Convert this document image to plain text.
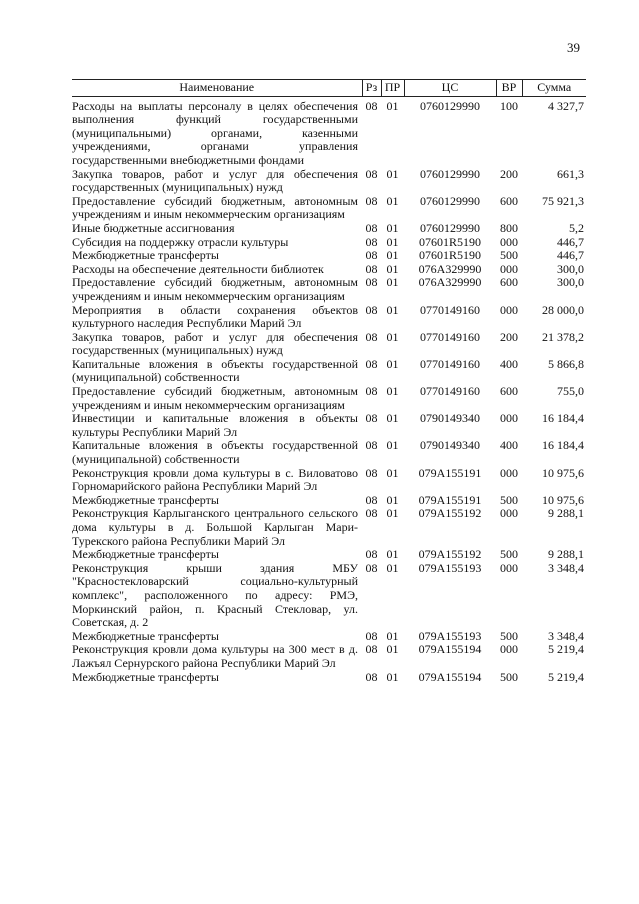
39
Наименование	Рз	ПР	ЦС	ВР	Сумма

Расходы на выплаты персоналу в целях обеспечения выполнения функций государственными (муниципальными) органами, казенными учреждениями, органами управления государственными внебюджетными фондами	08	01	0760129990	100	4 327,7
Закупка товаров, работ и услуг для обеспечения государственных (муниципальных) нужд	08	01	0760129990	200	661,3
Предоставление субсидий бюджетным, автономным учреждениям и иным некоммерческим организациям	08	01	0760129990	600	75 921,3
Иные бюджетные ассигнования	08	01	0760129990	800	5,2
Субсидия на поддержку отрасли культуры	08	01	07601R5190	000	446,7
Межбюджетные трансферты	08	01	07601R5190	500	446,7
Расходы на обеспечение деятельности библиотек	08	01	076A329990	000	300,0
Предоставление субсидий бюджетным, автономным учреждениям и иным некоммерческим организациям	08	01	076A329990	600	300,0
Мероприятия в области сохранения объектов культурного наследия Республики Марий Эл	08	01	0770149160	000	28 000,0
Закупка товаров, работ и услуг для обеспечения государственных (муниципальных) нужд	08	01	0770149160	200	21 378,2
Капитальные вложения в объекты государственной (муниципальной) собственности	08	01	0770149160	400	5 866,8
Предоставление субсидий бюджетным, автономным учреждениям и иным некоммерческим организациям	08	01	0770149160	600	755,0
Инвестиции и капитальные вложения в объекты культуры Республики Марий Эл	08	01	0790149340	000	16 184,4
Капитальные вложения в объекты государственной (муниципальной) собственности	08	01	0790149340	400	16 184,4
Реконструкция кровли дома культуры в с. Виловатово Горномарийского района Республики Марий Эл	08	01	079A155191	000	10 975,6
Межбюджетные трансферты	08	01	079A155191	500	10 975,6
Реконструкция Карлыганского центрального сельского дома культуры в д. Большой Карлыган Мари-Турекского района Республики Марий Эл	08	01	079A155192	000	9 288,1
Межбюджетные трансферты	08	01	079A155192	500	9 288,1
Реконструкция крыши здания МБУ "Красностекловарский социально-культурный комплекс", расположенного по адресу: РМЭ, Моркинский район, п. Красный Стекловар, ул. Советская, д. 2	08	01	079A155193	000	3 348,4
Межбюджетные трансферты	08	01	079A155193	500	3 348,4
Реконструкция кровли дома культуры на 300 мест в д. Лажъял Сернурского района Республики Марий Эл	08	01	079A155194	000	5 219,4
Межбюджетные трансферты	08	01	079A155194	500	5 219,4
